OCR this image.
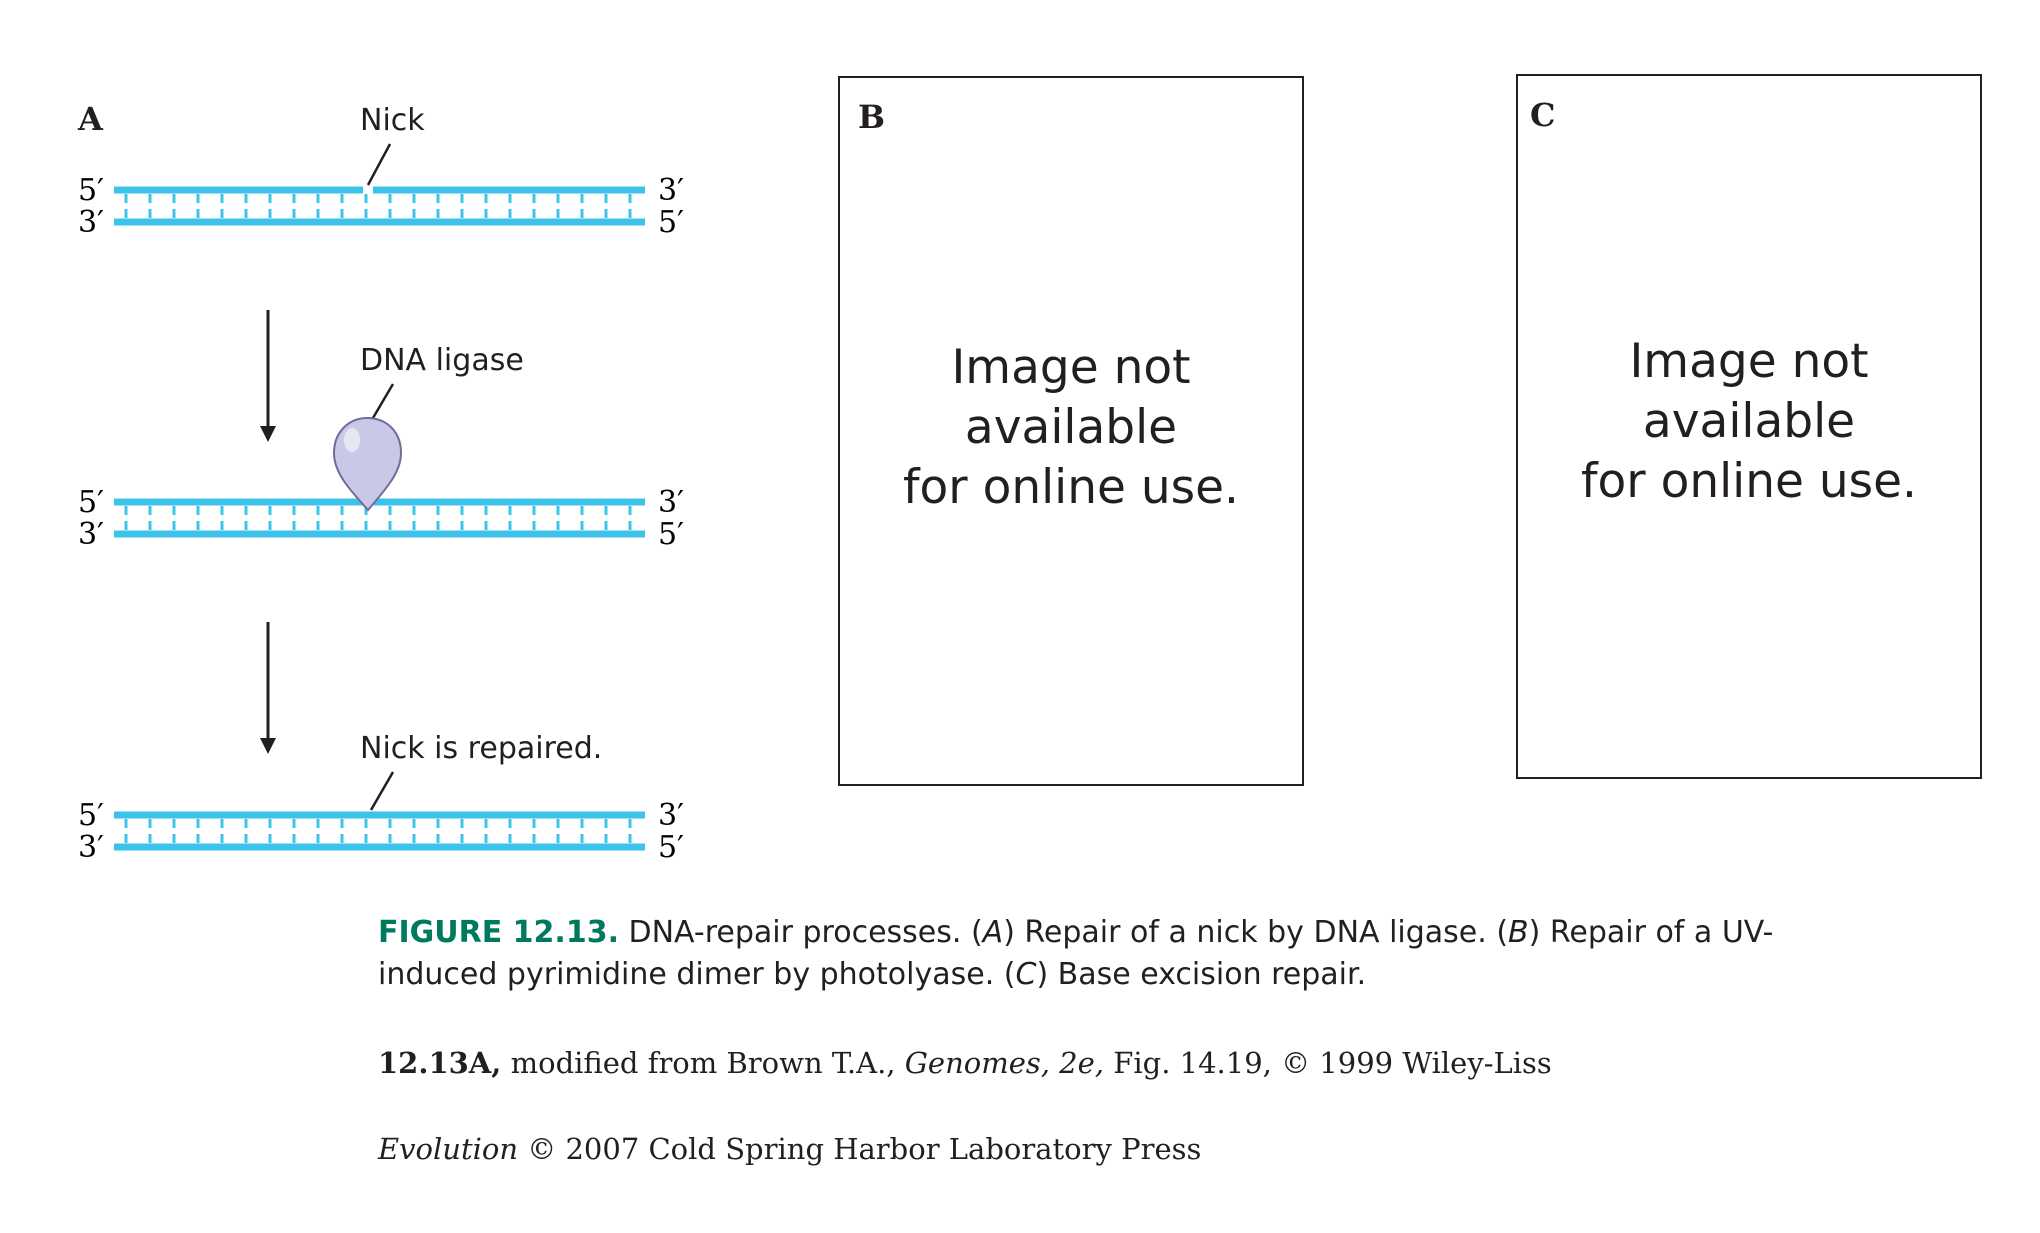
A	B	C
Nick
5′
3′
3′
5′
DNA ligase
5′
3′
3′
5′
Nick is repaired.
5′
3′
3′
5′
Image not
available
for online use.
Image not
available
for online use.
FIGURE 12.13. DNA-repair processes. (A) Repair of a nick by DNA ligase. (B) Repair of a UV-induced pyrimidine dimer by photolyase. (C) Base excision repair.
12.13A, modified from Brown T.A., Genomes, 2e, Fig. 14.19, © 1999 Wiley-Liss
Evolution © 2007 Cold Spring Harbor Laboratory Press
